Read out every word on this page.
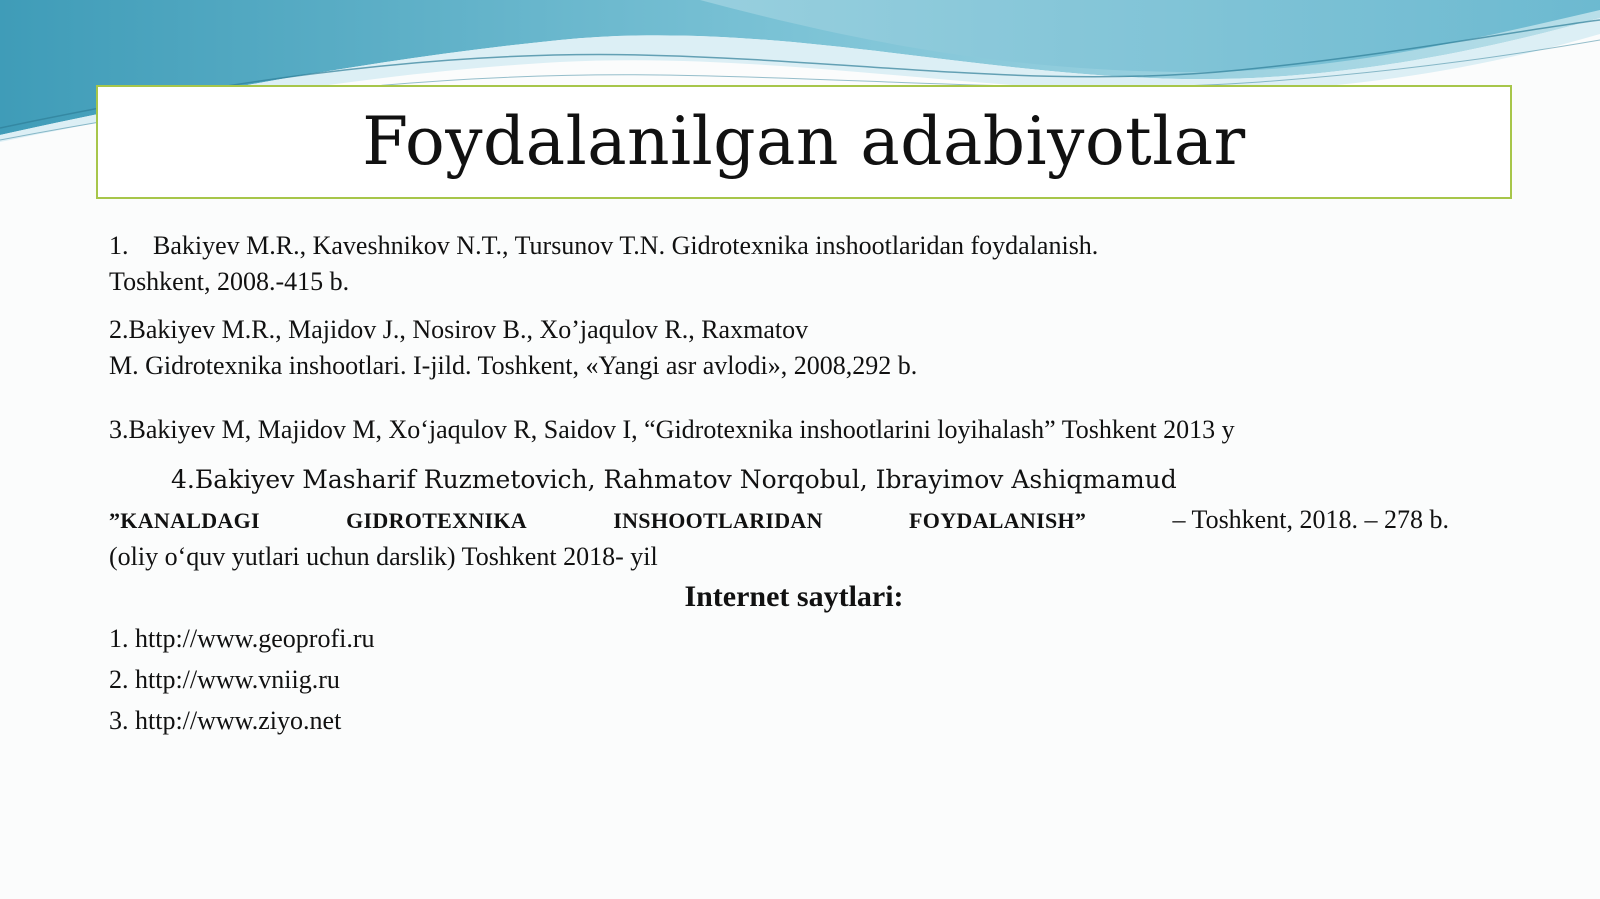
Foydalanilgan adabiyotlar

1. Bakiyev M.R., Kaveshnikov N.T., Tursunov T.N. Gidrotexnika inshootlaridan foydalanish.
Toshkent, 2008.-415 b.

2.Bakiyev M.R., Majidov J., Nosirov B., Xo’jaqulov R., Raxmatov
M. Gidrotexnika inshootlari. I-jild. Toshkent, «Yangi asr avlodi», 2008,292 b.

3.Bakiyev M, Majidov M, Xo‘jaqulov R, Saidov I, “Gidrotexnika inshootlarini loyihalash” Toshkent 2013 y

4.Бakiyev Masharif Ruzmetovich, Rahmatov Norqobul, Ibrayimov Ashiqmamud
”KANALDAGI	GIDROTEXNIKA	INSHOOTLARIDAN	FOYDALANISH”	– Toshkent, 2018. – 278 b.
(oliy o‘quv yutlari uchun darslik) Toshkent 2018- yil

Internet saytlari:

1. http://www.geoprofi.ru
2. http://www.vniig.ru
3. http://www.ziyo.net
